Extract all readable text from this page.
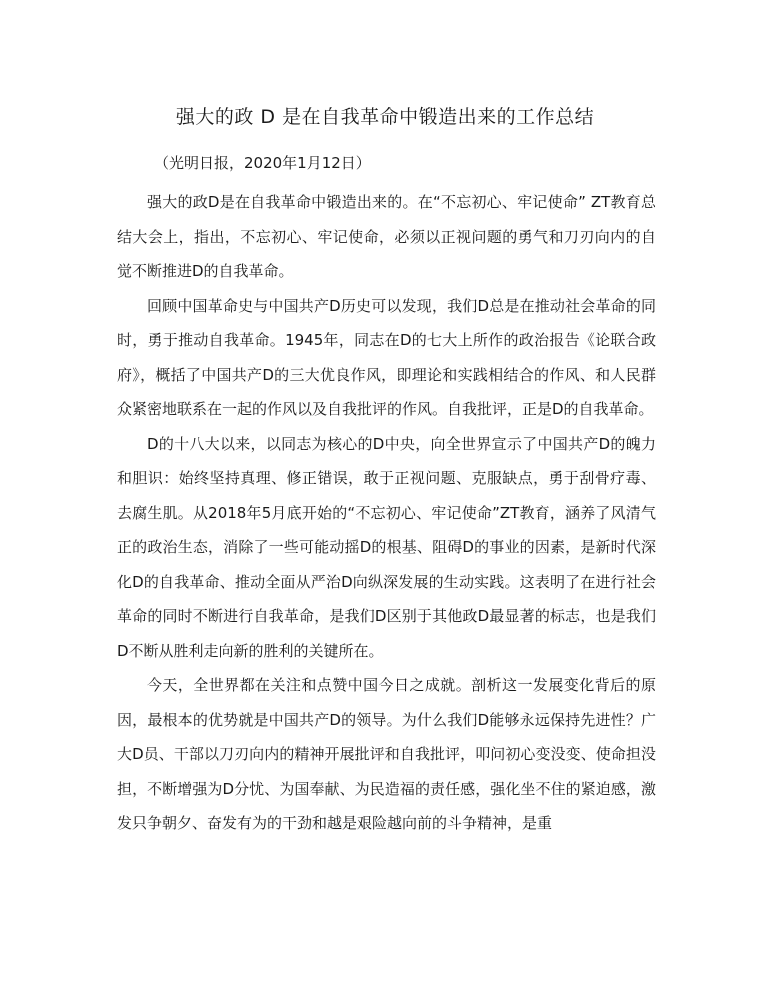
强大的政 D 是在自我革命中锻造出来的工作总结

（光明日报，2020年1月12日）

强大的政D是在自我革命中锻造出来的。在“不忘初心、牢记使命” ZT教育总结大会上，指出，不忘初心、牢记使命，必须以正视问题的勇气和刀刃向内的自觉不断推进D的自我革命。

回顾中国革命史与中国共产D历史可以发现，我们D总是在推动社会革命的同时，勇于推动自我革命。1945年，同志在D的七大上所作的政治报告《论联合政府》，概括了中国共产D的三大优良作风，即理论和实践相结合的作风、和人民群众紧密地联系在一起的作风以及自我批评的作风。自我批评，正是D的自我革命。

D的十八大以来，以同志为核心的D中央，向全世界宣示了中国共产D的魄力和胆识：始终坚持真理、修正错误，敢于正视问题、克服缺点，勇于刮骨疗毒、去腐生肌。从2018年5月底开始的“不忘初心、牢记使命”ZT教育，涵养了风清气正的政治生态，消除了一些可能动摇D的根基、阻碍D的事业的因素，是新时代深化D的自我革命、推动全面从严治D向纵深发展的生动实践。这表明了在进行社会革命的同时不断进行自我革命，是我们D区别于其他政D最显著的标志，也是我们D不断从胜利走向新的胜利的关键所在。

今天，全世界都在关注和点赞中国今日之成就。剖析这一发展变化背后的原因，最根本的优势就是中国共产D的领导。为什么我们D能够永远保持先进性？广大D员、干部以刀刃向内的精神开展批评和自我批评，叩问初心变没变、使命担没担，不断增强为D分忧、为国奉献、为民造福的责任感，强化坐不住的紧迫感，激发只争朝夕、奋发有为的干劲和越是艰险越向前的斗争精神，是重
